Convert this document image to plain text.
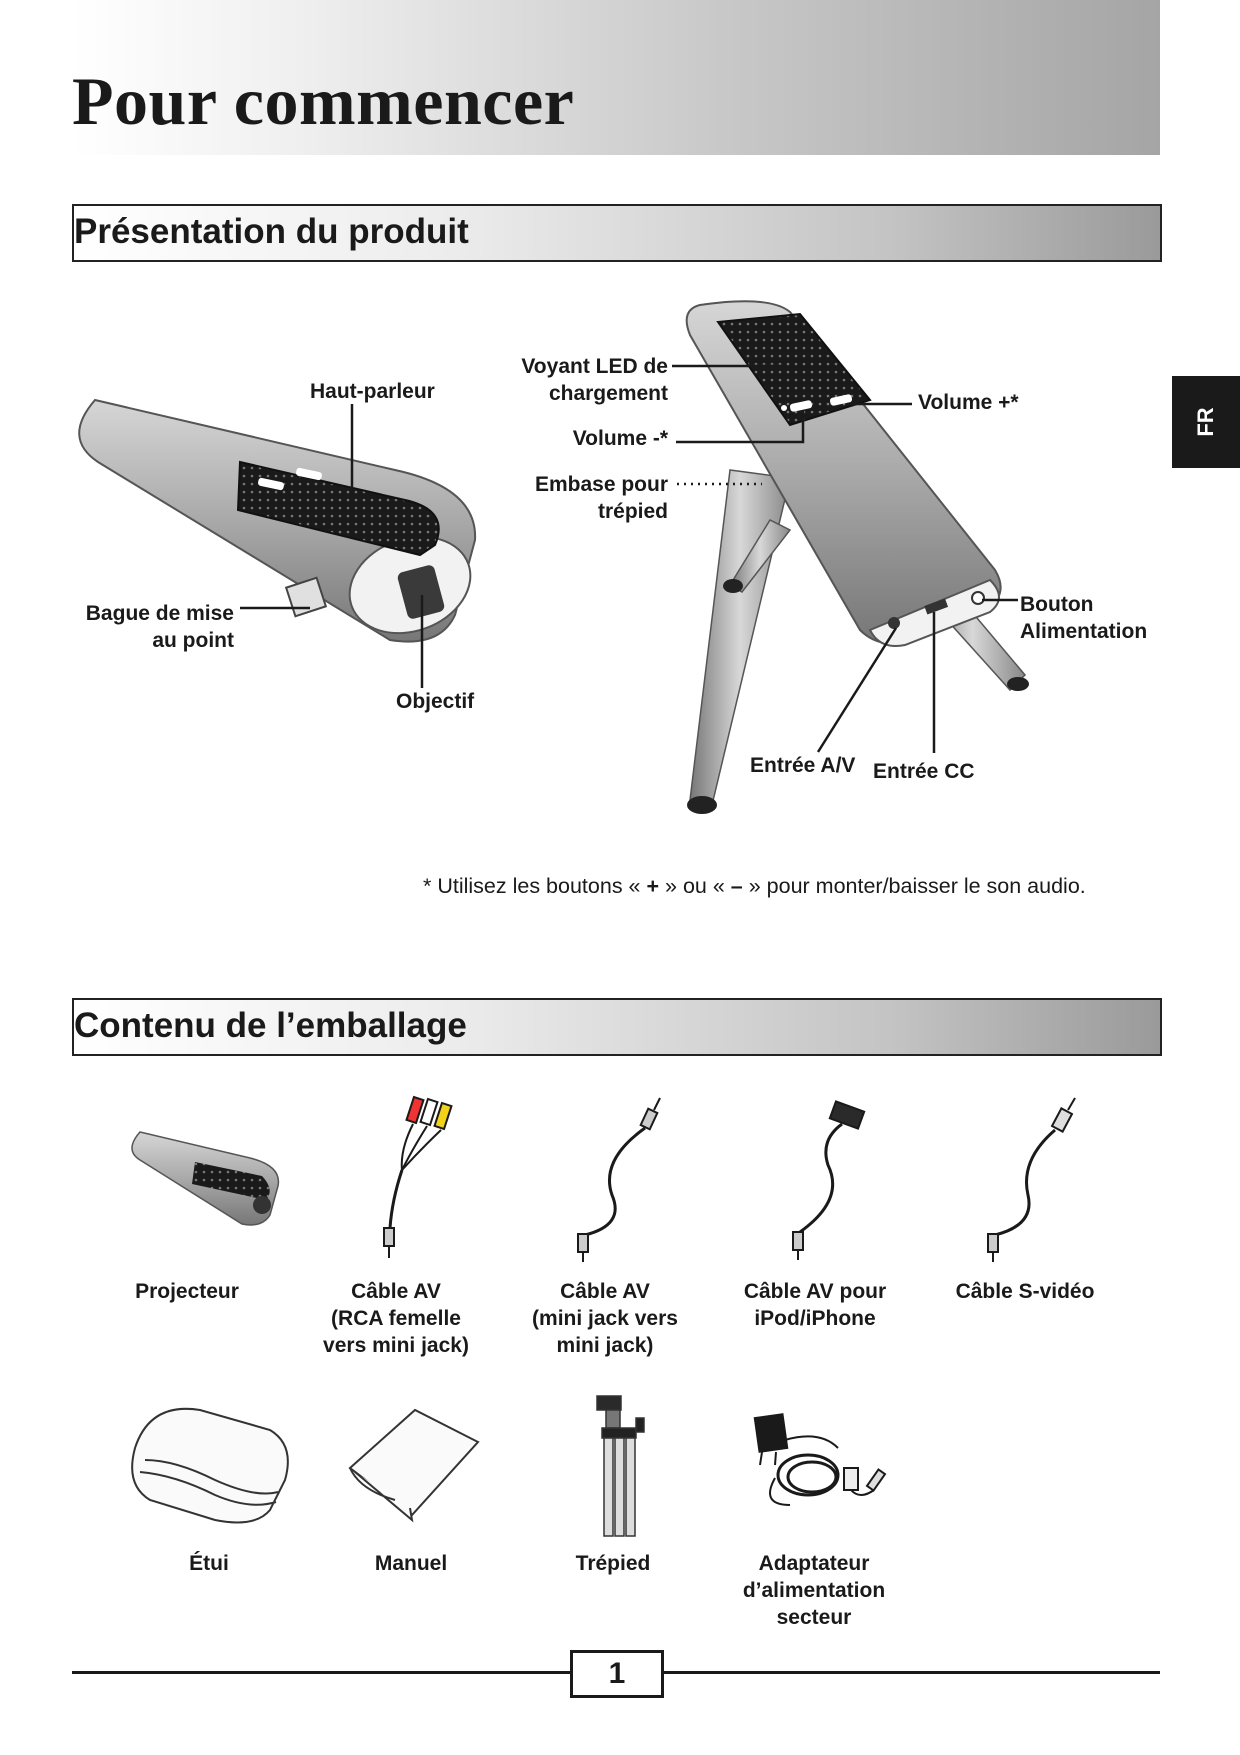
Pour commencer
FR
Présentation du produit
Haut-parleur
Bague de mise
au point
Objectif
Voyant LED de
chargement	Volume +*
Volume -*
Embase pour
trépied
Bouton
Alimentation
Entrée A/V Entrée CC
* Utilisez les boutons « + » ou « – » pour monter/baisser le son audio.
Contenu de l’emballage
Projecteur	Câble AV
(RCA femelle
vers mini jack)
Câble AV
(mini jack vers
mini jack)
Câble AV pour
iPod/iPhone
Câble S-vidéo
Étui	Manuel	Trépied	Adaptateur
d’alimentation
secteur
1
